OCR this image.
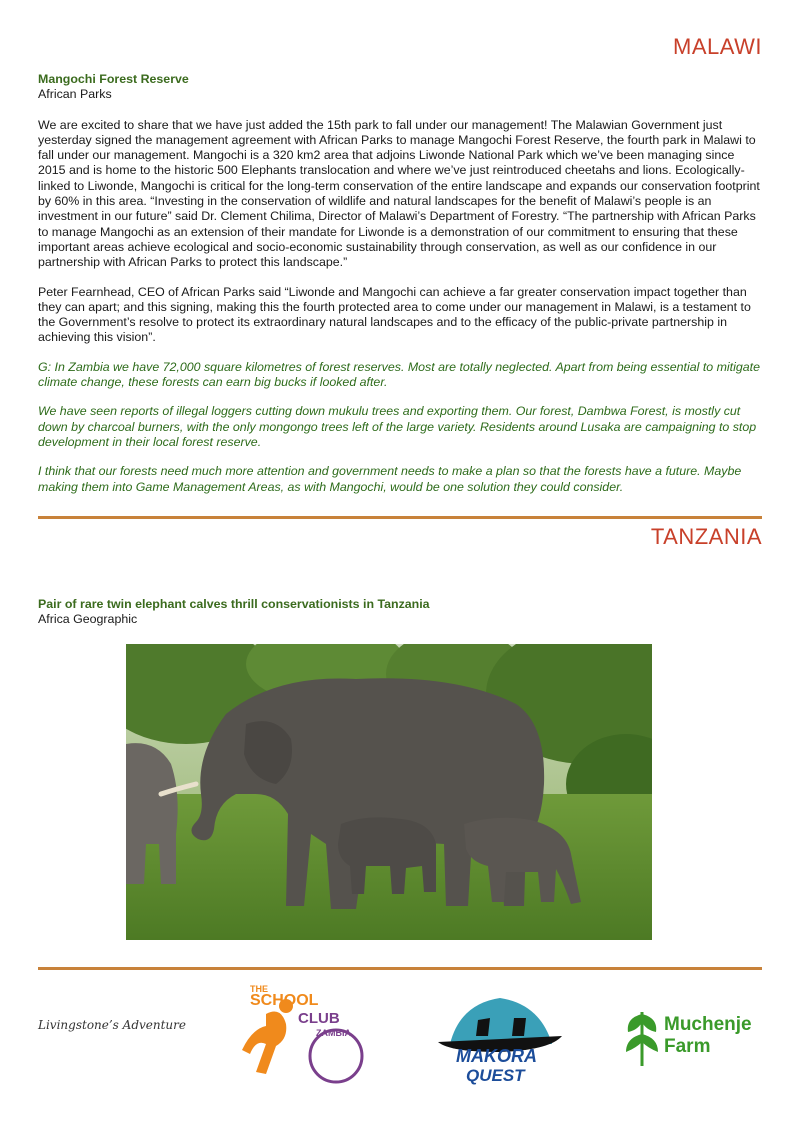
MALAWI
Mangochi Forest Reserve
African Parks

We are excited to share that we have just added the 15th park to fall under our management! The Malawian Government just yesterday signed the management agreement with African Parks to manage Mangochi Forest Reserve, the fourth park in Malawi to fall under our management. Mangochi is a 320 km2 area that adjoins Liwonde National Park which we’ve been managing since 2015 and is home to the historic 500 Elephants translocation and where we’ve just reintroduced cheetahs and lions. Ecologically-linked to Liwonde, Mangochi is critical for the long-term conservation of the entire landscape and expands our conservation footprint by 60% in this area. “Investing in the conservation of wildlife and natural landscapes for the benefit of Malawi’s people is an investment in our future” said Dr. Clement Chilima, Director of Malawi’s Department of Forestry. “The partnership with African Parks to manage Mangochi as an extension of their mandate for Liwonde is a demonstration of our commitment to ensuring that these important areas achieve ecological and socio-economic sustainability through conservation, as well as our confidence in our partnership with African Parks to protect this landscape.”

Peter Fearnhead, CEO of African Parks said “Liwonde and Mangochi can achieve a far greater conservation impact together than they can apart; and this signing, making this the fourth protected area to come under our management in Malawi, is a testament to the Government’s resolve to protect its extraordinary natural landscapes and to the efficacy of the public-private partnership in achieving this vision”.

G: In Zambia we have 72,000 square kilometres of forest reserves. Most are totally neglected. Apart from being essential to mitigate climate change, these forests can earn big bucks if looked after.

We have seen reports of illegal loggers cutting down mukulu trees and exporting them. Our forest, Dambwa Forest, is mostly cut down by charcoal burners, with the only mongongo trees left of the large variety. Residents around Lusaka are campaigning to stop development in their local forest reserve.

I think that our forests need much more attention and government needs to make a plan so that the forests have a future. Maybe making them into Game Management Areas, as with Mangochi, would be one solution they could consider.

TANZANIA
Pair of rare twin elephant calves thrill conservationists in Tanzania
Africa Geographic
Livingstone’s Adventure
THE
SCHOOL
CLUB
ZAMBIA
MAKORA
QUEST
Muchenje
Farm
